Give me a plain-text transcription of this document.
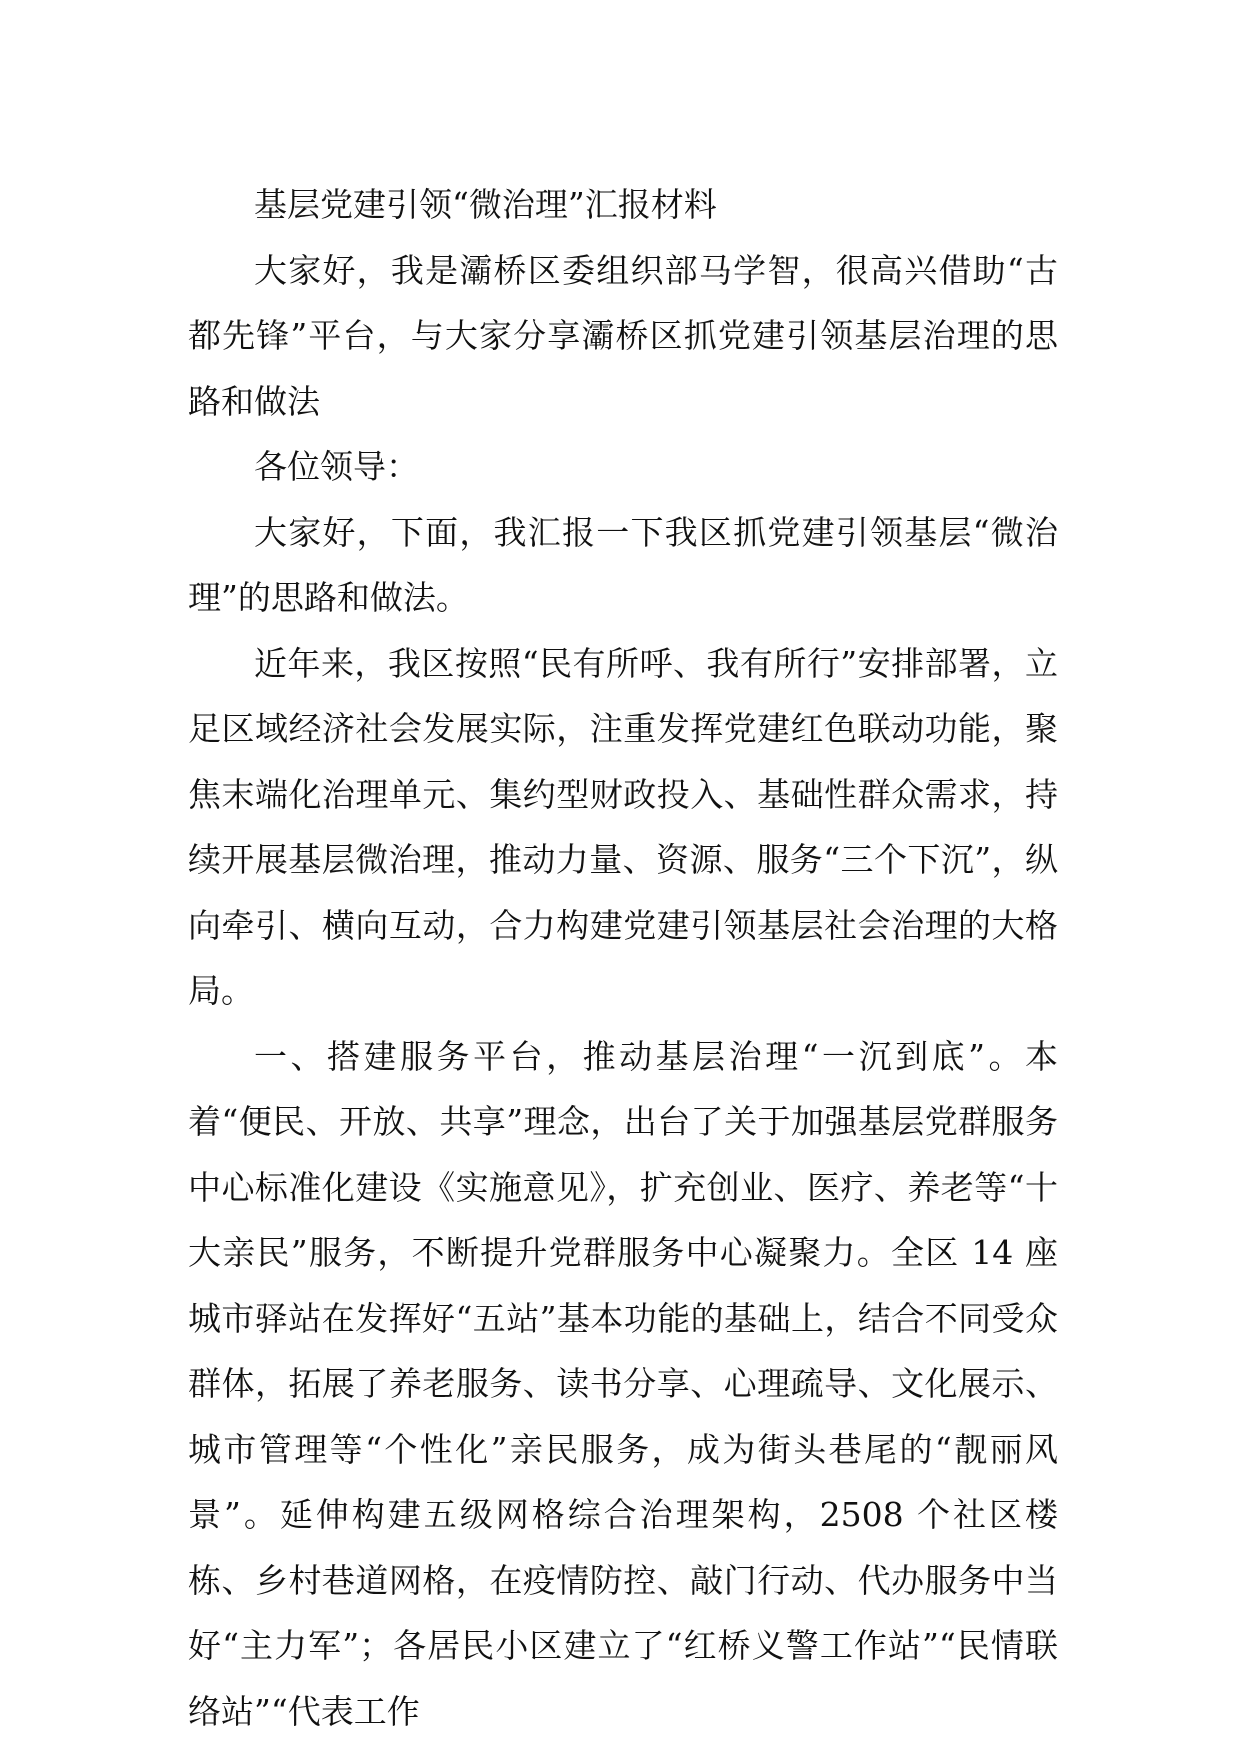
基层党建引领“微治理”汇报材料

大家好，我是灞桥区委组织部马学智，很高兴借助“古都先锋”平台，与大家分享灞桥区抓党建引领基层治理的思路和做法

各位领导：

大家好，下面，我汇报一下我区抓党建引领基层“微治理”的思路和做法。

近年来，我区按照“民有所呼、我有所行”安排部署，立足区域经济社会发展实际，注重发挥党建红色联动功能，聚焦末端化治理单元、集约型财政投入、基础性群众需求，持续开展基层微治理，推动力量、资源、服务“三个下沉”，纵向牵引、横向互动，合力构建党建引领基层社会治理的大格局。

一、搭建服务平台，推动基层治理“一沉到底”。本着“便民、开放、共享”理念，出台了关于加强基层党群服务中心标准化建设《实施意见》，扩充创业、医疗、养老等“十大亲民”服务，不断提升党群服务中心凝聚力。全区 14 座城市驿站在发挥好“五站”基本功能的基础上，结合不同受众群体，拓展了养老服务、读书分享、心理疏导、文化展示、城市管理等“个性化”亲民服务，成为街头巷尾的“靓丽风景”。延伸构建五级网格综合治理架构，2508 个社区楼栋、乡村巷道网格，在疫情防控、敲门行动、代办服务中当好“主力军”；各居民小区建立了“红桥义警工作站”“民情联络站”“代表工作
